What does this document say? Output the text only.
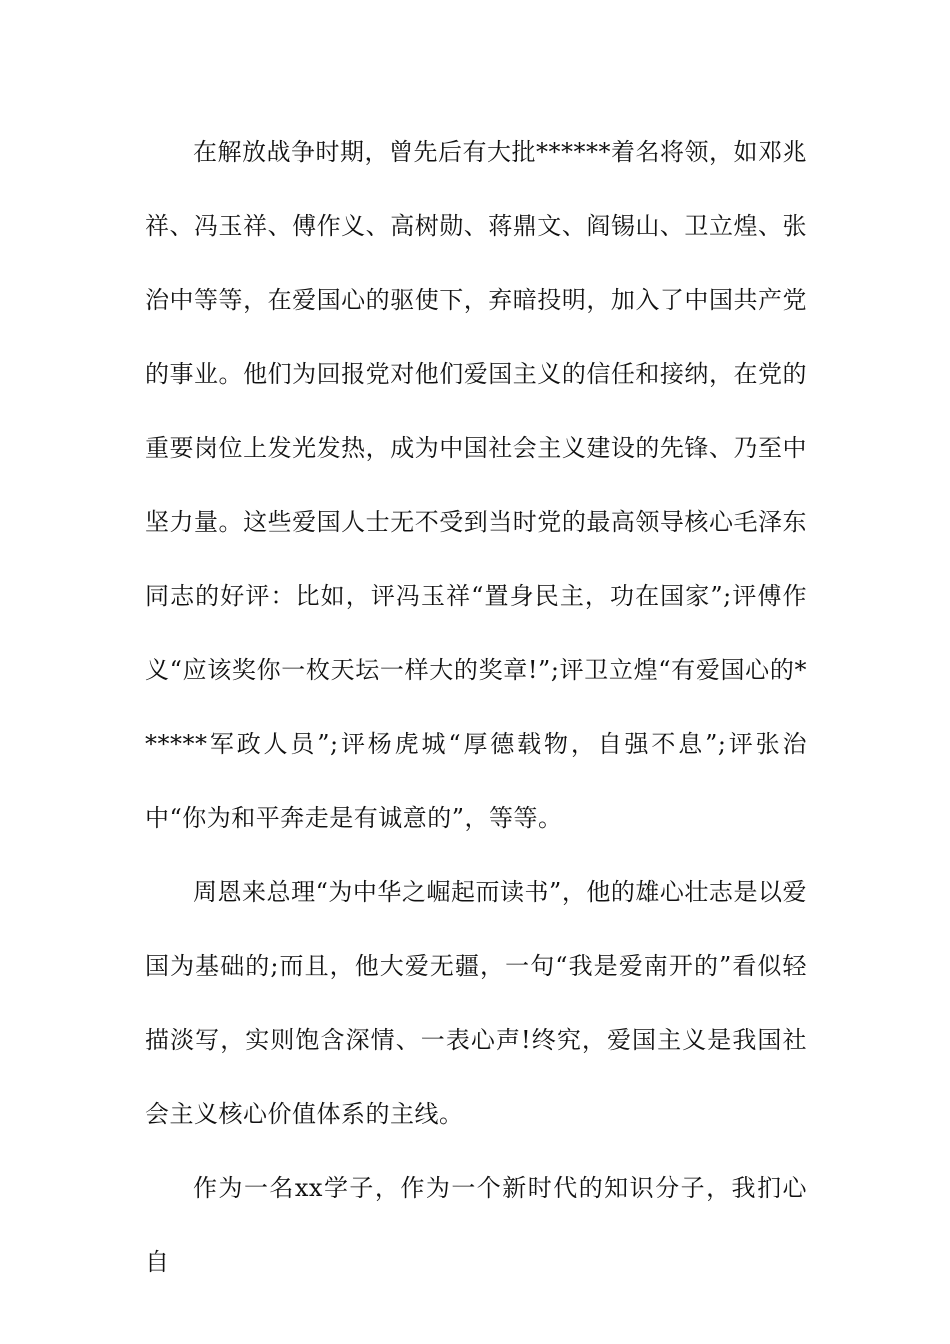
在解放战争时期，曾先后有大批******着名将领，如邓兆祥、冯玉祥、傅作义、高树勋、蒋鼎文、阎锡山、卫立煌、张治中等等，在爱国心的驱使下，弃暗投明，加入了中国共产党的事业。他们为回报党对他们爱国主义的信任和接纳，在党的重要岗位上发光发热，成为中国社会主义建设的先锋、乃至中坚力量。这些爱国人士无不受到当时党的最高领导核心毛泽东同志的好评：比如，评冯玉祥“置身民主，功在国家”;评傅作义“应该奖你一枚天坛一样大的奖章!”;评卫立煌“有爱国心的******军政人员”;评杨虎城“厚德载物，自强不息”;评张治中“你为和平奔走是有诚意的”，等等。

周恩来总理“为中华之崛起而读书”，他的雄心壮志是以爱国为基础的;而且，他大爱无疆，一句“我是爱南开的”看似轻描淡写，实则饱含深情、一表心声!终究，爱国主义是我国社会主义核心价值体系的主线。

作为一名xx学子，作为一个新时代的知识分子，我扪心自
